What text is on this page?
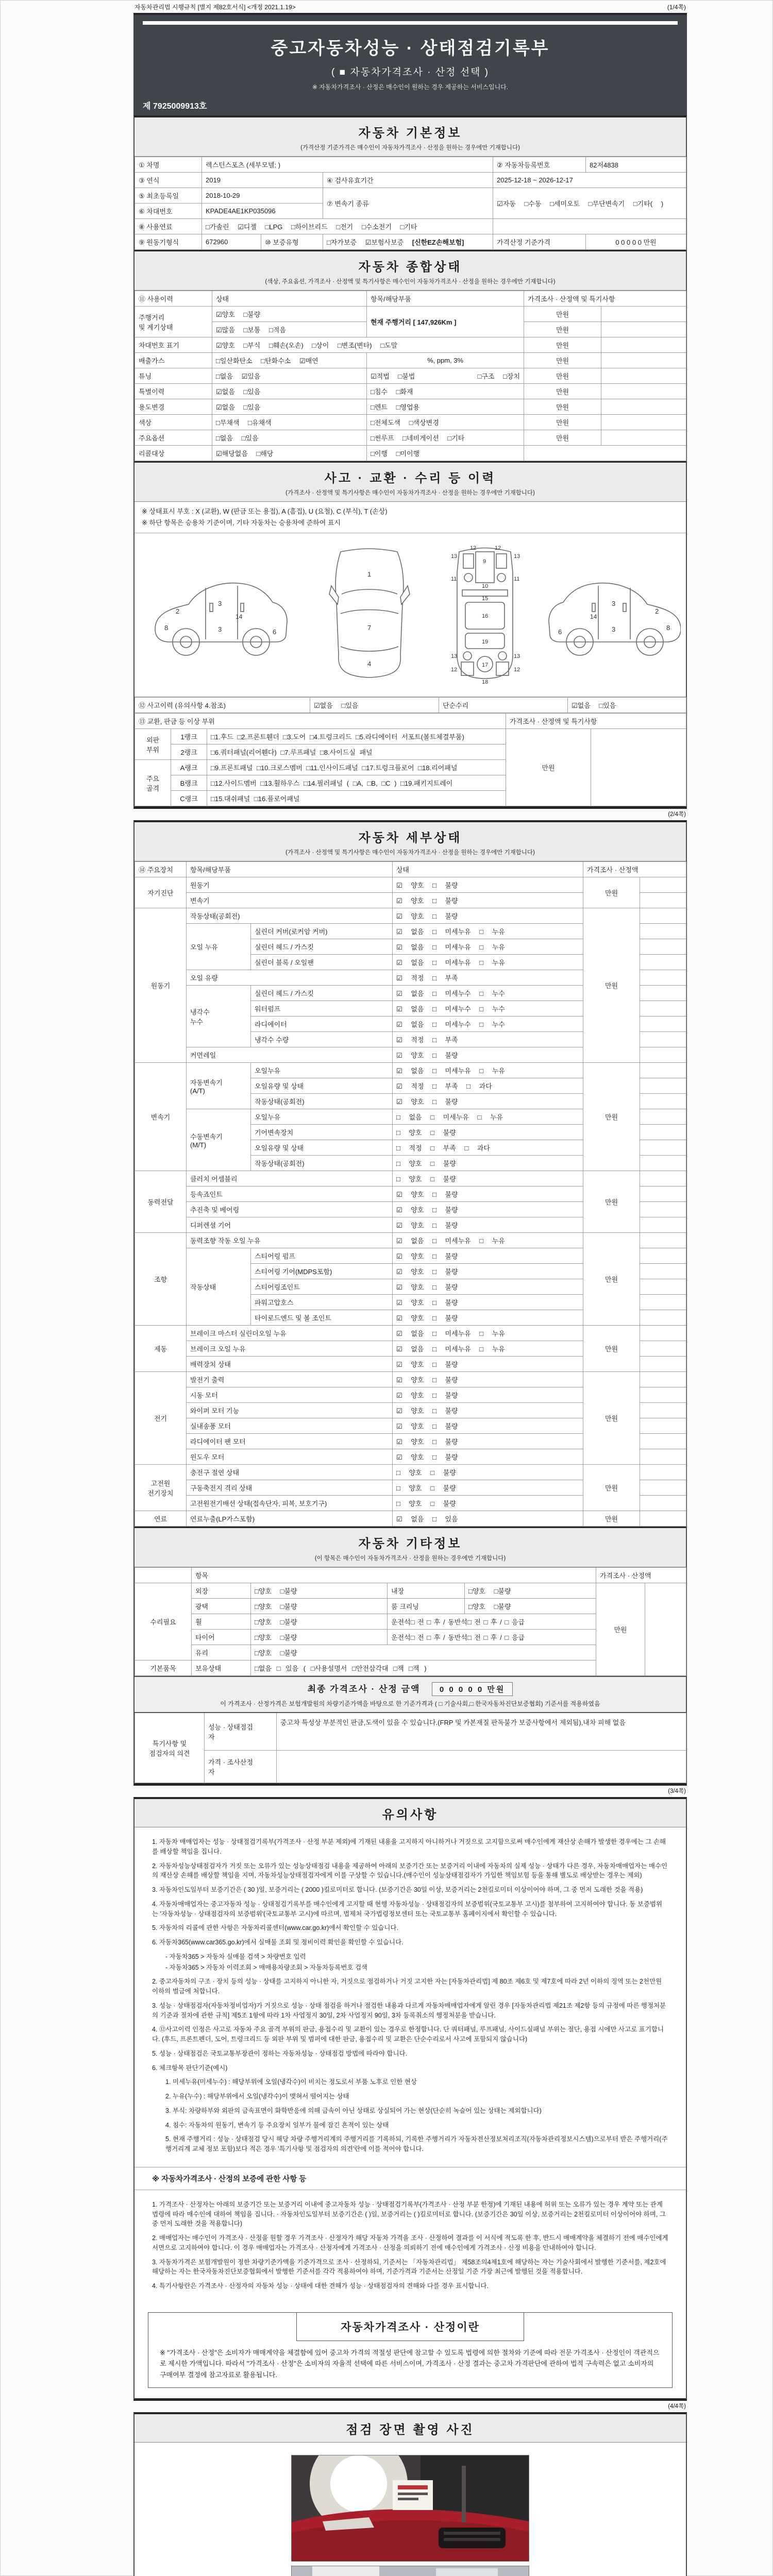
자동차관리법 시행규칙 [별지 제82호서식] <개정 2021.1.19>	(1/4쪽)
중고자동차성능 · 상태점검기록부
( ■ 자동차가격조사 · 산정 선택 )
※ 자동차가격조사 · 산정은 매수인이 원하는 경우 제공하는 서비스입니다.
제 7925009913호
자동차 기본정보
(가격산정 기준가격은 매수인이 자동차가격조사 · 산정을 원하는 경우에만 기재합니다)
① 차명	렉스턴스포츠 (세부모델: )			② 자동차등록번호	82저4838
③ 연식	2019		④ 검사유효기간	2025-12-18 ~ 2026-12-17	
⑤ 최초등록일	2018-10-29		⑦ 변속기 종류	☑자동 □수동 □세미오토 □무단변속기 □기타( )	
⑥ 차대번호	KPADE4AE1KP035096				
⑧ 사용연료	□가솔린 ☑디젤 □LPG □하이브리드 □전기 □수소전기 □기타				
⑨ 원동기형식	672960	⑩ 보증유형	□자가보증 ☑보험사보증 [신한EZ손해보험]	가격산정 기준가격	0 0 0 0 0 만원
자동차 종합상태
(색상, 주요옵션, 가격조사 · 산정액 및 특기사항은 매수인이 자동차가격조사 · 산정을 원하는 경우에만 기재합니다)
⑪ 사용이력	상태	항목/해당부품	가격조사 · 산정액 및 특기사항	
주행거리
및 계기상태	☑양호 □불량	현재 주행거리 [ 147,926Km ]	만원	
	☑많음 □보통 □적음		만원	
차대번호 표기	☑양호 □부식 □훼손(오손) □상이 □변조(변타) □도말		만원	
배출가스	□일산화탄소 □탄화수소 ☑매연	%, ppm, 3%	만원	
튜닝	□없음 ☑있음	☑적법 □불법 □구조 □장치	만원	
특별이력	☑없음 □있음	□침수 □화재	만원	
용도변경	☑없음 □있음	□렌트 □영업용	만원	
색상	□무채색 □유채색	□전체도색 □색상변경	만원	
주요옵션	□없음 □있음	□썬루프 □네비게이션 □기타	만원	
리콜대상	☑해당없음 □해당	□이행 □미이행		
사고 · 교환 · 수리 등 이력
(가격조사 · 산정액 및 특기사항은 매수인이 자동차가격조사 · 산정을 원하는 경우에만 기재합니다)
※ 상태표시 부호 : X (교환), W (판금 또는 용접), A (흠집), U (요철), C (부식), T (손상)
※ 하단 항목은 승용차 기준이며, 기타 자동차는 승용차에 준하여 표시
2
8
3
3
14
6
1
7
4
13	13
12	12
11	11
9
10
15
16
19
13	13
12	12
17
18
2
8
3
3
14
6
⑫ 사고이력 (유의사항 4.참조)	☑없음 □있음	단순수리	☑없음 □있음
⑬ 교환, 판금 등 이상 부위			가격조사 · 산정액 및 특기사항	
외판
부위	1랭크	□1.후드 □2.프론트휀더 □3.도어 □4.트렁크리드 □5.라디에이터 서포트(볼트체결부품)	만원	
	2랭크	□6.쿼터패널(리어휀다) □7.루프패널 □8.사이드실 패널		
주요
골격	A랭크	□9.프론트패널 □10.크로스멤버 □11.인사이드패널 □17.트렁크플로어 □18.리어패널		
	B랭크	□12.사이드멤버 □13.휠하우스 □14.필러패널 ( □A, □B, □C ) □19.패키지트레이		
	C랭크	□15.대쉬패널 □16.플로어패널		
(2/4쪽)
자동차 세부상태
(가격조사 · 산정액 및 특기사항은 매수인이 자동차가격조사 · 산정을 원하는 경우에만 기재합니다)
⑭ 주요장치	항목/해당부품		상태	가격조사 · 산정액	
자기진단	원동기		☑ 양호 □ 불량	만원	
	변속기		☑ 양호 □ 불량		
원동기	작동상태(공회전)		☑ 양호 □ 불량	만원	
	오일 누유	실린더 커버(로커암 커버)	☑ 없음 □ 미세누유 □ 누유		
		실린더 헤드 / 가스킷	☑ 없음 □ 미세누유 □ 누유		
		실린더 블록 / 오일팬	☑ 없음 □ 미세누유 □ 누유		
	오일 유량		☑ 적정 □ 부족		
	냉각수
누수	실린더 헤드 / 가스킷	☑ 없음 □ 미세누수 □ 누수		
		워터펌프	☑ 없음 □ 미세누수 □ 누수		
		라디에이터	☑ 없음 □ 미세누수 □ 누수		
		냉각수 수량	☑ 적정 □ 부족		
	커먼레일		☑ 양호 □ 불량		
변속기	자동변속기
(A/T)	오일누유	☑ 없음 □ 미세누유 □ 누유	만원	
		오일유량 및 상태	☑ 적정 □ 부족 □ 과다		
		작동상태(공회전)	☑ 양호 □ 불량		
	수동변속기
(M/T)	오일누유	□ 없음 □ 미세누유 □ 누유		
		기어변속장치	□ 양호 □ 불량		
		오일유량 및 상태	□ 적정 □ 부족 □ 과다		
		작동상태(공회전)	□ 양호 □ 불량		
동력전달	클러치 어셈블리		□ 양호 □ 불량	만원	
	등속죠인트		☑ 양호 □ 불량		
	추진축 및 베어링		☑ 양호 □ 불량		
	디퍼렌셜 기어		☑ 양호 □ 불량		
조향	동력조향 작동 오일 누유		☑ 없음 □ 미세누유 □ 누유	만원	
	작동상태	스티어링 펌프	☑ 양호 □ 불량		
		스티어링 기어(MDPS포함)	☑ 양호 □ 불량		
		스티어링조인트	☑ 양호 □ 불량		
		파워고압호스	☑ 양호 □ 불량		
		타이로드엔드 및 볼 조인트	☑ 양호 □ 불량		
제동	브레이크 마스터 실린더오일 누유		☑ 없음 □ 미세누유 □ 누유	만원	
	브레이크 오일 누유		☑ 없음 □ 미세누유 □ 누유		
	배력장치 상태		☑ 양호 □ 불량		
전기	발전기 출력		☑ 양호 □ 불량	만원	
	시동 모터		☑ 양호 □ 불량		
	와이퍼 모터 기능		☑ 양호 □ 불량		
	실내송풍 모터		☑ 양호 □ 불량		
	라디에이터 팬 모터		☑ 양호 □ 불량		
	윈도우 모터		☑ 양호 □ 불량		
고전원
전기장치	충전구 절연 상태		□ 양호 □ 불량	만원	
	구동축전지 격리 상태		□ 양호 □ 불량		
	고전원전기배선 상태(접속단자, 피복, 보호기구)		□ 양호 □ 불량		
연료	연료누출(LP가스포함)		☑ 없음 □ 있음	만원	
자동차 기타정보
(이 항목은 매수인이 자동차가격조사 · 산정을 원하는 경우에만 기재합니다)
	항목				가격조사 · 산정액	
수리필요	외장	□양호 □불량	내장	□양호 □불량	만원	
	광택	□양호 □불량	룸 크리닝	□양호 □불량		
	휠	□양호 □불량	운전석□ 전 □ 후 / 동반석□ 전 □ 후 / □ 응급			
	타이어	□양호 □불량	운전석□ 전 □ 후 / 동반석□ 전 □ 후 / □ 응급			
	유리	□양호 □불량				
기본품목	보유상태	□없음 □ 있음 ( □사용설명서 □안전삼각대 □잭 □잭 )				
최종 가격조사 · 산정 금액 0 0 0 0 0 만원
이 가격조사 · 산정가격은 보험개발원의 차량기준가액을 바탕으로 한 기준가격과 ( □ 기술사회,□ 한국자동차진단보증협회) 기준서를 적용하였음
특기사항 및
점검자의 의견	성능 · 상태점검
자	중고차 특성상 부분적인 판금,도색이 있을 수 있습니다.(FRP 및 카본재질 판독불가 보증사항에서 제외됨),내차 피해 없음
	가격 · 조사산정
자	
(3/4쪽)
유의사항

1. 자동차 매매업자는 성능 · 상태점검기록부(가격조사 · 산정 부분 제외)에 기재된 내용을 고지하지 아니하거나 거짓으로 고지함으로써 매수인에게 재산상 손해가 발생한 경우에는 그 손해를 배상할 책임을 집니다.

2. 자동차성능상태점검자가 거짓 또는 오류가 있는 성능상태점검 내용을 제공하여 아래의 보증기간 또는 보증거리 이내에 자동차의 실제 성능 · 상태가 다른 경우, 자동차매매업자는 매수인의 재산상 손해를 배상할 책임을 지며, 자동차성능상태점검자에게 이를 구상할 수 있습니다.(매수인이 성능상태점검자가 가입한 책임보험 등을 통해 별도로 배상받는 경우는 제외)

3. 자동차인도일부터 보증기간은 ( 30 )일, 보증거리는 ( 2000 )킬로미터로 합니다. (보증기간은 30일 이상, 보증거리는 2천킬로미터 이상이어야 하며, 그 중 먼저 도래한 것을 적용)

4. 자동차매매업자는 중고자동차 성능 · 상태점검기록부를 매수인에게 고지할 때 현행 자동차성능 · 상태점검자의 보증범위(국토교통부 고시)를 첨부하여 고지하여야 합니다. 동 보증범위는 '자동차성능 · 상태점검자의 보증범위'(국토교통부 고시)에 따르며, 법제처 국가법령정보센터 또는 국토교통부 홈페이지에서 확인할 수 있습니다.

5. 자동차의 리콜에 관한 사항은 자동차리콜센터(www.car.go.kr)에서 확인할 수 있습니다.

6. 자동차365(www.car365.go.kr)에서 실매물 조회 및 정비이력 확인을 확인할 수 있습니다.

- 자동차365 > 자동차 실매물 검색 > 차량번호 입력

- 자동차365 > 자동차 이력조회 > 매매용차량조회 > 자동차등록번호 검색

2. 중고자동차의 구조 · 장치 등의 성능 · 상태를 고지하지 아니한 자, 거짓으로 점검하거나 거짓 고지한 자는 [자동차관리법] 제 80조 제6호 및 제7호에 따라 2년 이하의 징역 또는 2천만원 이하의 벌금에 처합니다.

3. 성능 · 상태점검자(자동차정비업자)가 거짓으로 성능 · 상태 점검을 하거나 점검한 내용과 다르게 자동차매매업자에게 알린 경우 [자동차관리법 제21조 제2항 등의 규정에 따른 행정처분의 기준과 절차에 관한 규칙] 제5조 1항에 따라 1차 사업정지 30일, 2차 사업정지 90일, 3차 등록취소의 행정처분을 받습니다.

4. ⑫사고이력 인정은 사고로 자동차 주요 골격 부위의 판금, 용접수리 및 교환이 있는 경우로 한정합니다. 단 쿼터패널, 루프패널, 사이드실패널 부위는 절단, 용접 시에만 사고로 표기합니다. (후드, 프론트펜더, 도어, 트렁크리드 등 외판 부위 및 범퍼에 대한 판금, 용접수리 및 교환은 단순수리로서 사고에 포함되지 않습니다)

5. 성능 · 상태점검은 국토교통부장관이 정하는 자동차성능 · 상태점검 방법에 따라야 합니다.

6. 체크항목 판단기준(예시)

1. 미세누유(미세누수) : 해당부위에 오일(냉각수)이 비치는 정도로서 부품 노후로 인한 현상

2. 누유(누수) : 해당부위에서 오일(냉각수)이 맺혀서 떨어지는 상태

3. 부식: 차량하부와 외판의 금속표면이 화학반응에 의해 금속이 아닌 상태로 상실되어 가는 현상(단순히 녹슬어 있는 상태는 제외합니다)

4. 침수: 자동차의 원동기, 변속기 등 주요장치 일부가 물에 잠긴 흔적이 있는 상태

5. 현재 주행거리 : 성능 · 상태점검 당시 해당 차량 주행거리계의 주행거리를 기록하되, 기록한 주행거리가 자동차전산정보처리조직(자동차관리정보시스템)으로부터 받은 주행거리(주행거리계 교체 정보 포함)보다 적은 경우 '특기사항 및 점검자의 의견'란에 이를 적어야 합니다.

※ 자동차가격조사 · 산정의 보증에 관한 사항 등

1. 가격조사 · 산정자는 아래의 보증기간 또는 보증거리 이내에 중고자동차 성능 · 상태점검기록부(가격조사 · 산정 부분 한정)에 기재된 내용에 허위 또는 오류가 있는 경우 계약 또는 관계법령에 따라 매수인에 대하여 책임을 집니다. · 자동차인도일부터 보증기간은 ( )일, 보증거리는 ( )킬로미터로 합니다. (보증기간은 30일 이상, 보증거리는 2천킬로미터 이상이어야 하며, 그 중 먼저 도래한 것을 적용합니다)

2. 매매업자는 매수인이 가격조사 · 산정을 원할 경우 가격조사 · 산정자가 해당 자동차 가격을 조사 · 산정하여 결과를 이 서식에 적도록 한 후, 반드시 매매계약을 체결하기 전에 매수인에게 서면으로 고지하여야 합니다. 이 경우 매매업자는 가격조사 · 산정자에게 가격조사 · 산정을 의뢰하기 전에 매수인에게 가격조사 · 산정 비용을 안내하여야 합니다.

3. 자동차가격은 보험개발원이 정한 차량기준가액을 기준가격으로 조사 · 산정하되, 기준서는 「자동차관리법」 제58조의4제1호에 해당하는 자는 기술사회에서 발행한 기준서를, 제2호에 해당하는 자는 한국자동차진단보증협회에서 발행한 기준서를 각각 적용하여야 하며, 기준가격과 기준서는 산정일 기준 가장 최근에 발행된 것을 적용합니다.

4. 특기사항란은 가격조사 · 산정자의 자동차 성능 · 상태에 대한 견해가 성능 · 상태점검자의 견해와 다를 경우 표시합니다.

자동차가격조사 · 산정이란
※ "가격조사 · 산정"은 소비자가 매매계약을 체결함에 있어 중고차 가격의 적절성 판단에 참고할 수 있도록 법령에 의한 절차와 기준에 따라 전문 가격조사 · 산정인이 객관적으로 제시한 가액입니다. 따라서 "가격조사 · 산정"은 소비자의 자율적 선택에 따른 서비스이며, 가격조사 · 산정 결과는 중고차 가격판단에 관하여 법적 구속력은 없고 소비자의 구매여부 결정에 참고자료로 활용됩니다.
(4/4쪽)
점검 장면 촬영 사진
